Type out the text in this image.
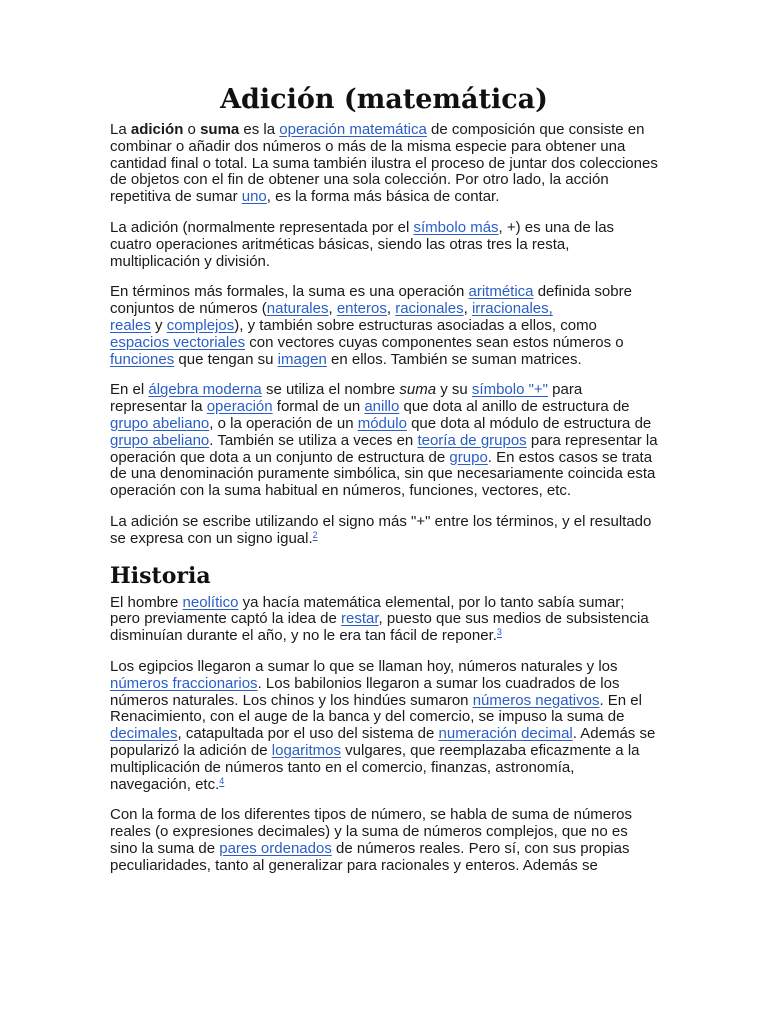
Adición (matemática)

La adición o suma es la operación matemática de composición que consiste en combinar o añadir dos números o más de la misma especie para obtener una cantidad final o total. La suma también ilustra el proceso de juntar dos colecciones de objetos con el fin de obtener una sola colección. Por otro lado, la acción repetitiva de sumar uno, es la forma más básica de contar.

La adición (normalmente representada por el símbolo más, +) es una de las cuatro operaciones aritméticas básicas, siendo las otras tres la resta, multiplicación y división.

En términos más formales, la suma es una operación aritmética definida sobre conjuntos de números (naturales, enteros, racionales, irracionales,
reales y complejos), y también sobre estructuras asociadas a ellos, como espacios vectoriales con vectores cuyas componentes sean estos números o funciones que tengan su imagen en ellos. También se suman matrices.

En el álgebra moderna se utiliza el nombre suma y su símbolo "+" para representar la operación formal de un anillo que dota al anillo de estructura de grupo abeliano, o la operación de un módulo que dota al módulo de estructura de grupo abeliano. También se utiliza a veces en teoría de grupos para representar la operación que dota a un conjunto de estructura de grupo. En estos casos se trata de una denominación puramente simbólica, sin que necesariamente coincida esta operación con la suma habitual en números, funciones, vectores, etc.

La adición se escribe utilizando el signo más "+" entre los términos, y el resultado se expresa con un signo igual.$^2$

Historia

El hombre neolítico ya hacía matemática elemental, por lo tanto sabía sumar; pero previamente captó la idea de restar, puesto que sus medios de subsistencia disminuían durante el año, y no le era tan fácil de reponer.$^3$

Los egipcios llegaron a sumar lo que se llaman hoy, números naturales y los números fraccionarios. Los babilonios llegaron a sumar los cuadrados de los números naturales. Los chinos y los hindúes sumaron números negativos. En el Renacimiento, con el auge de la banca y del comercio, se impuso la suma de decimales, catapultada por el uso del sistema de numeración decimal. Además se popularizó la adición de logaritmos vulgares, que reemplazaba eficazmente a la multiplicación de números tanto en el comercio, finanzas, astronomía, navegación, etc.$^4$

Con la forma de los diferentes tipos de número, se habla de suma de números reales (o expresiones decimales) y la suma de números complejos, que no es sino la suma de pares ordenados de números reales. Pero sí, con sus propias peculiaridades, tanto al generalizar para racionales y enteros. Además se
